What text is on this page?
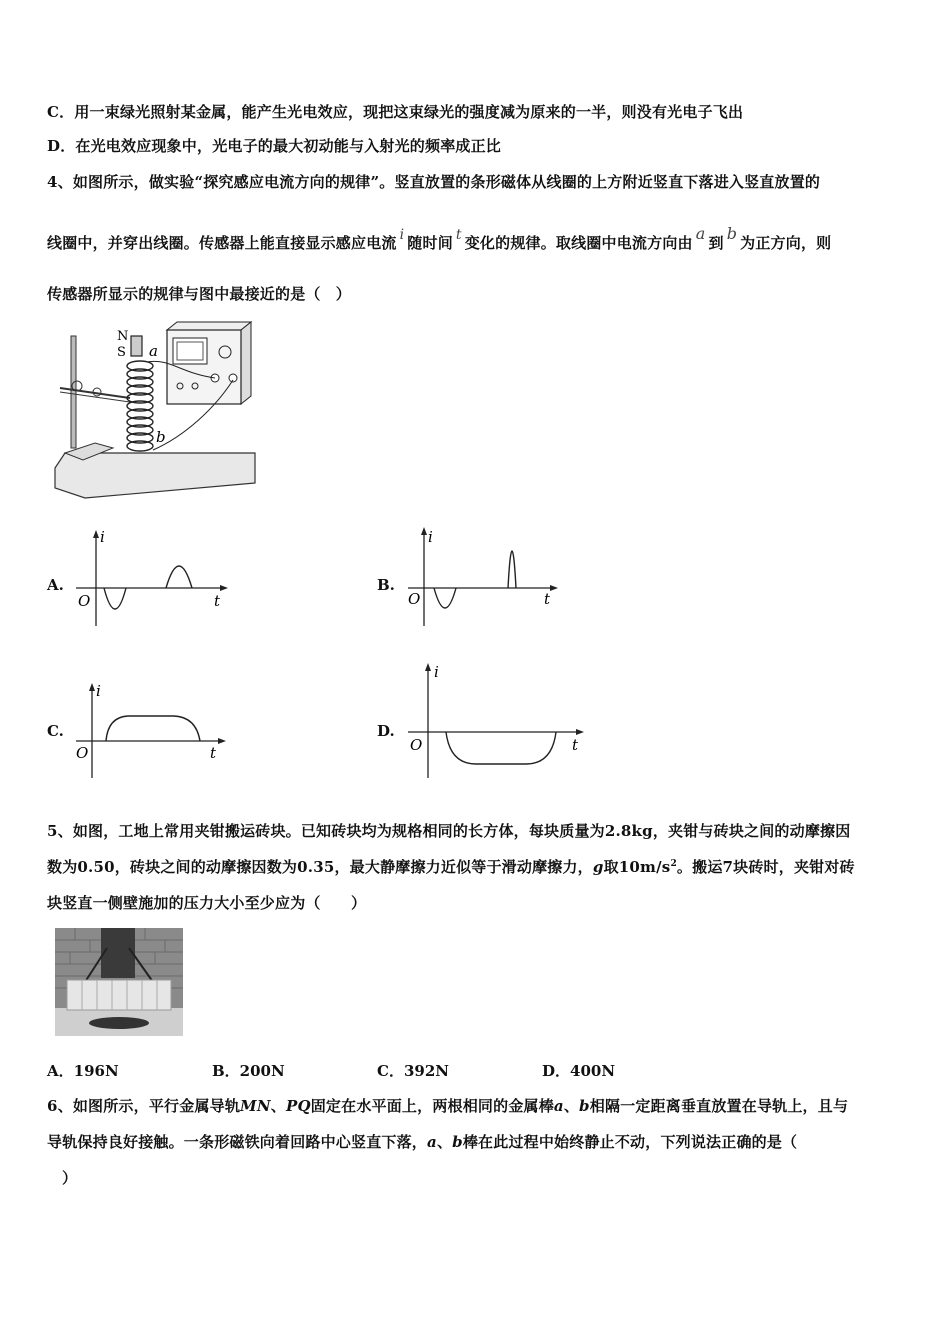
C．用一束绿光照射某金属，能产生光电效应，现把这束绿光的强度减为原来的一半，则没有光电子飞出
D．在光电效应现象中，光电子的最大初动能与入射光的频率成正比
4、如图所示，做实验“探究感应电流方向的规律”。竖直放置的条形磁体从线圈的上方附近竖直下落进入竖直放置的
线圈中，并穿出线圈。传感器上能直接显示感应电流 i 随时间 t 变化的规律。取线圈中电流方向由 a 到 b 为正方向，则
传感器所显示的规律与图中最接近的是（　）
N
S a
b
A.
i
O	t
B.
i
O	t
C.
i
O	t
D.
i
O	t
5、如图，工地上常用夹钳搬运砖块。已知砖块均为规格相同的长方体，每块质量为2.8kg，夹钳与砖块之间的动摩擦因
数为0.50，砖块之间的动摩擦因数为0.35，最大静摩擦力近似等于滑动摩擦力，g取$10m/s^2$。搬运7块砖时，夹钳对砖
块竖直一侧壁施加的压力大小至少应为（　　）
A．196N	B．200N	C．392N	D．400N
6、如图所示，平行金属导轨MN、PQ固定在水平面上，两根相同的金属棒a、b相隔一定距离垂直放置在导轨上，且与
导轨保持良好接触。一条形磁铁向着回路中心竖直下落，a、b棒在此过程中始终静止不动，下列说法正确的是（
）
